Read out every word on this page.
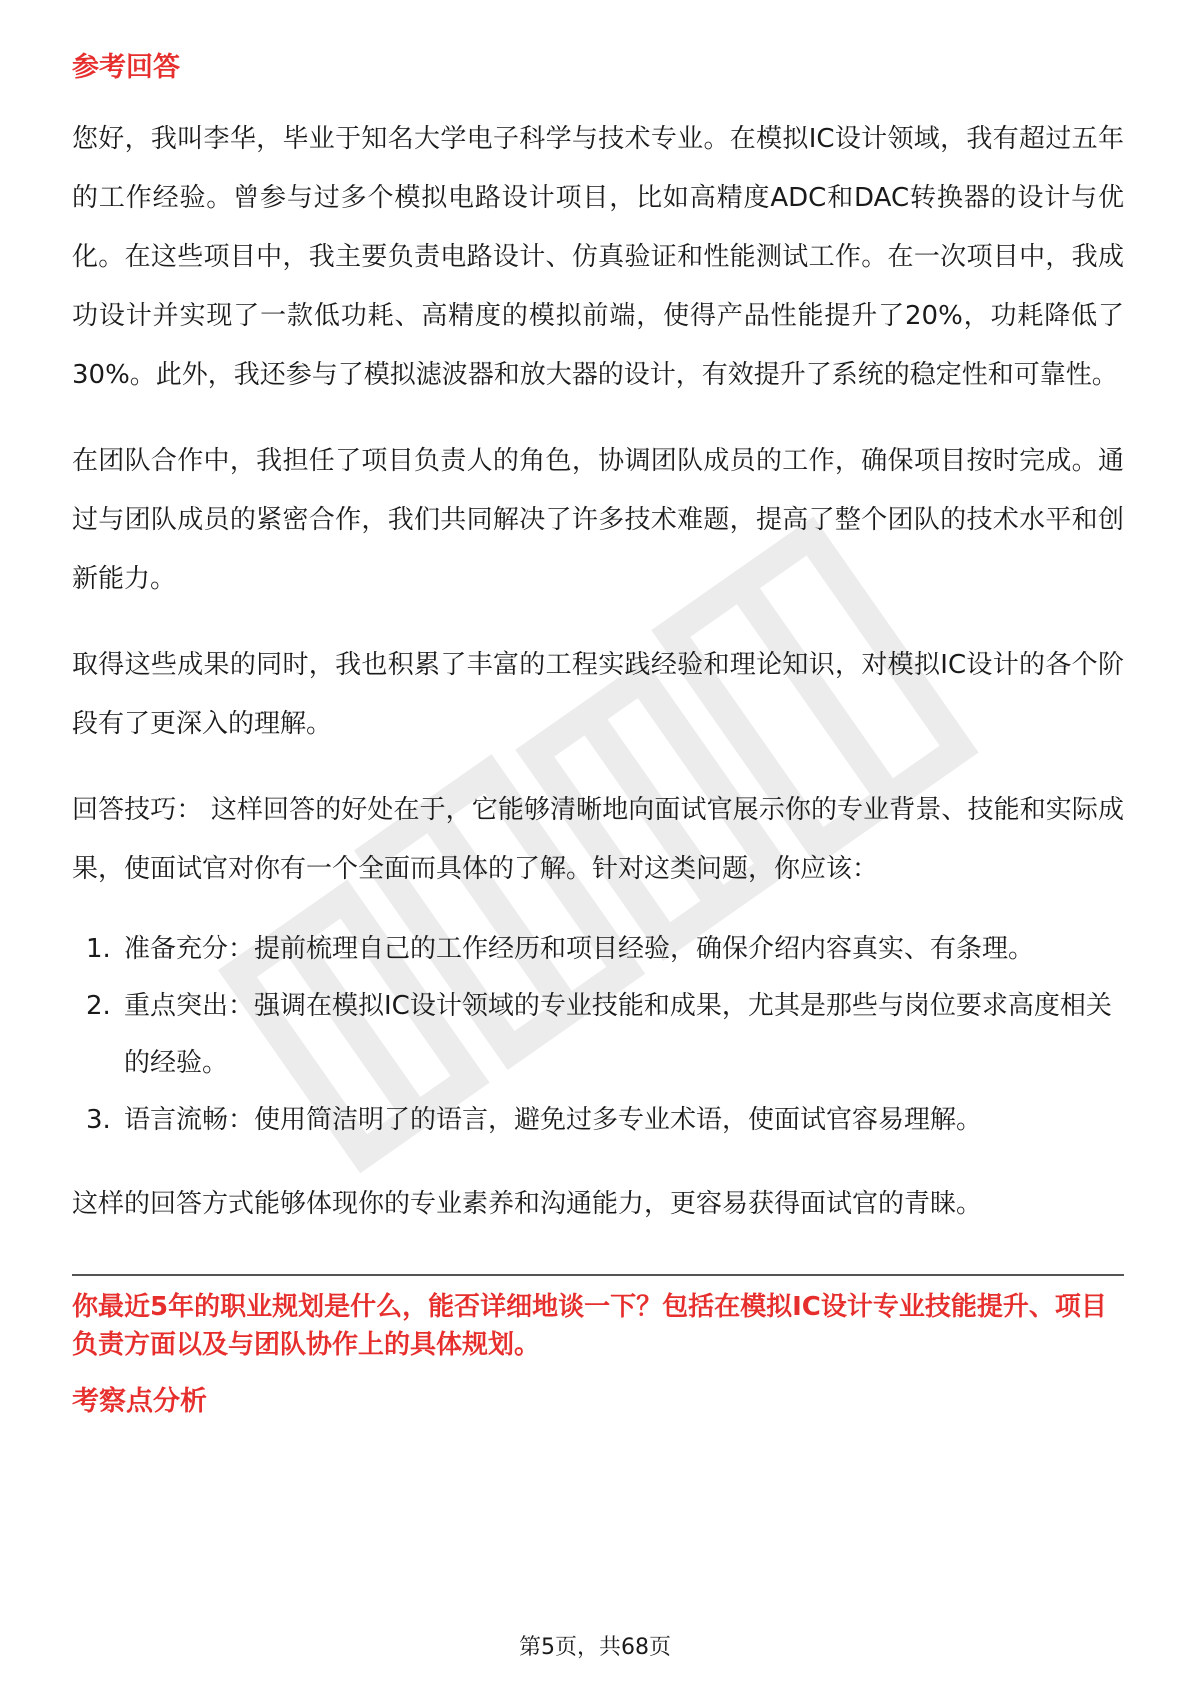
参考回答

您好，我叫李华，毕业于知名大学电子科学与技术专业。在模拟IC设计领域，我有超过五年的工作经验。曾参与过多个模拟电路设计项目，比如高精度ADC和DAC转换器的设计与优化。在这些项目中，我主要负责电路设计、仿真验证和性能测试工作。在一次项目中，我成功设计并实现了一款低功耗、高精度的模拟前端，使得产品性能提升了20%，功耗降低了30%。此外，我还参与了模拟滤波器和放大器的设计，有效提升了系统的稳定性和可靠性。

在团队合作中，我担任了项目负责人的角色，协调团队成员的工作，确保项目按时完成。通过与团队成员的紧密合作，我们共同解决了许多技术难题，提高了整个团队的技术水平和创新能力。

取得这些成果的同时，我也积累了丰富的工程实践经验和理论知识，对模拟IC设计的各个阶段有了更深入的理解。

回答技巧： 这样回答的好处在于，它能够清晰地向面试官展示你的专业背景、技能和实际成果，使面试官对你有一个全面而具体的了解。针对这类问题，你应该：

1. 准备充分：提前梳理自己的工作经历和项目经验，确保介绍内容真实、有条理。
2. 重点突出：强调在模拟IC设计领域的专业技能和成果，尤其是那些与岗位要求高度相关的经验。
3. 语言流畅：使用简洁明了的语言，避免过多专业术语，使面试官容易理解。

这样的回答方式能够体现你的专业素养和沟通能力，更容易获得面试官的青睐。

你最近5年的职业规划是什么，能否详细地谈一下？包括在模拟IC设计专业技能提升、项目负责方面以及与团队协作上的具体规划。

考察点分析
第5页，共68页
